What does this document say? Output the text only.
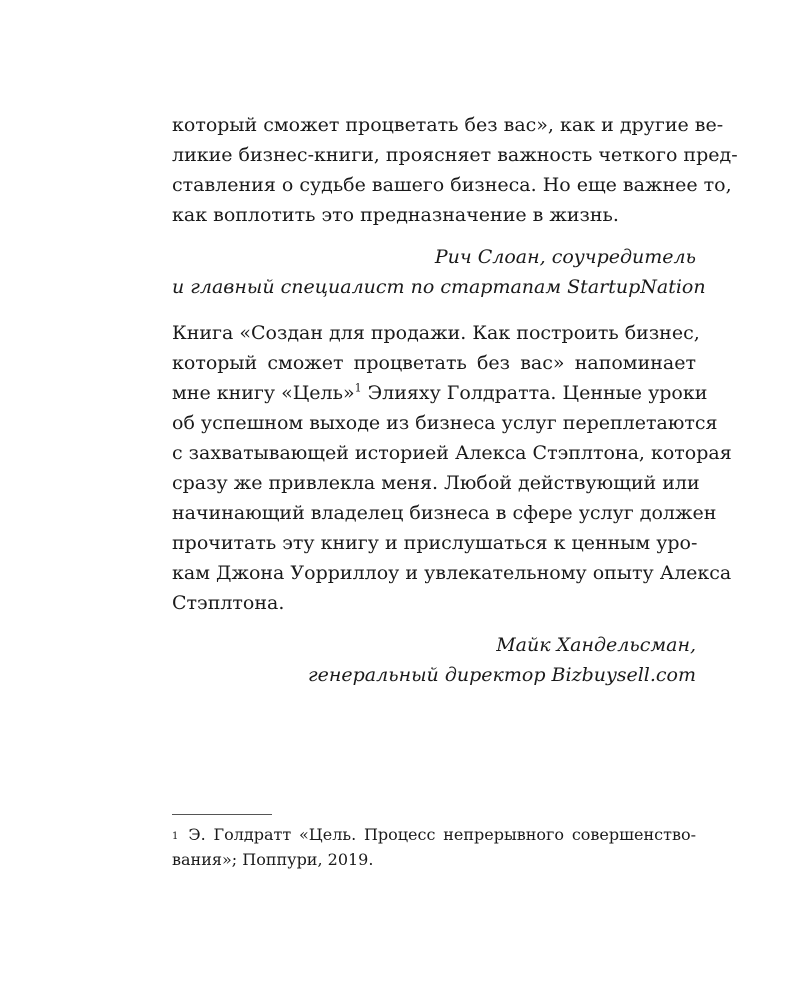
который сможет процветать без вас», как и другие ве-
ликие бизнес-книги, проясняет важность четкого пред-
ставления о судьбе вашего бизнеса. Но еще важнее то,
как воплотить это предназначение в жизнь.

Рич Слоан, соучредитель
и главный специалист по стартапам StartupNation

Книга «Создан для продажи. Как построить бизнес,
который сможет процветать без вас» напоминает
мне книгу «Цель»$^1$ Элияху Голдратта. Ценные уроки
об успешном выходе из бизнеса услуг переплетаются
с захватывающей историей Алекса Стэплтона, которая
сразу же привлекла меня. Любой действующий или
начинающий владелец бизнеса в сфере услуг должен
прочитать эту книгу и прислушаться к ценным уро-
кам Джона Уорриллоу и увлекательному опыту Алекса
Стэплтона.

Майк Хандельсман,
генеральный директор Bizbuysell.com
$^1$ Э. Голдратт «Цель. Процесс непрерывного совершенство-
вания»; Поппури, 2019.
